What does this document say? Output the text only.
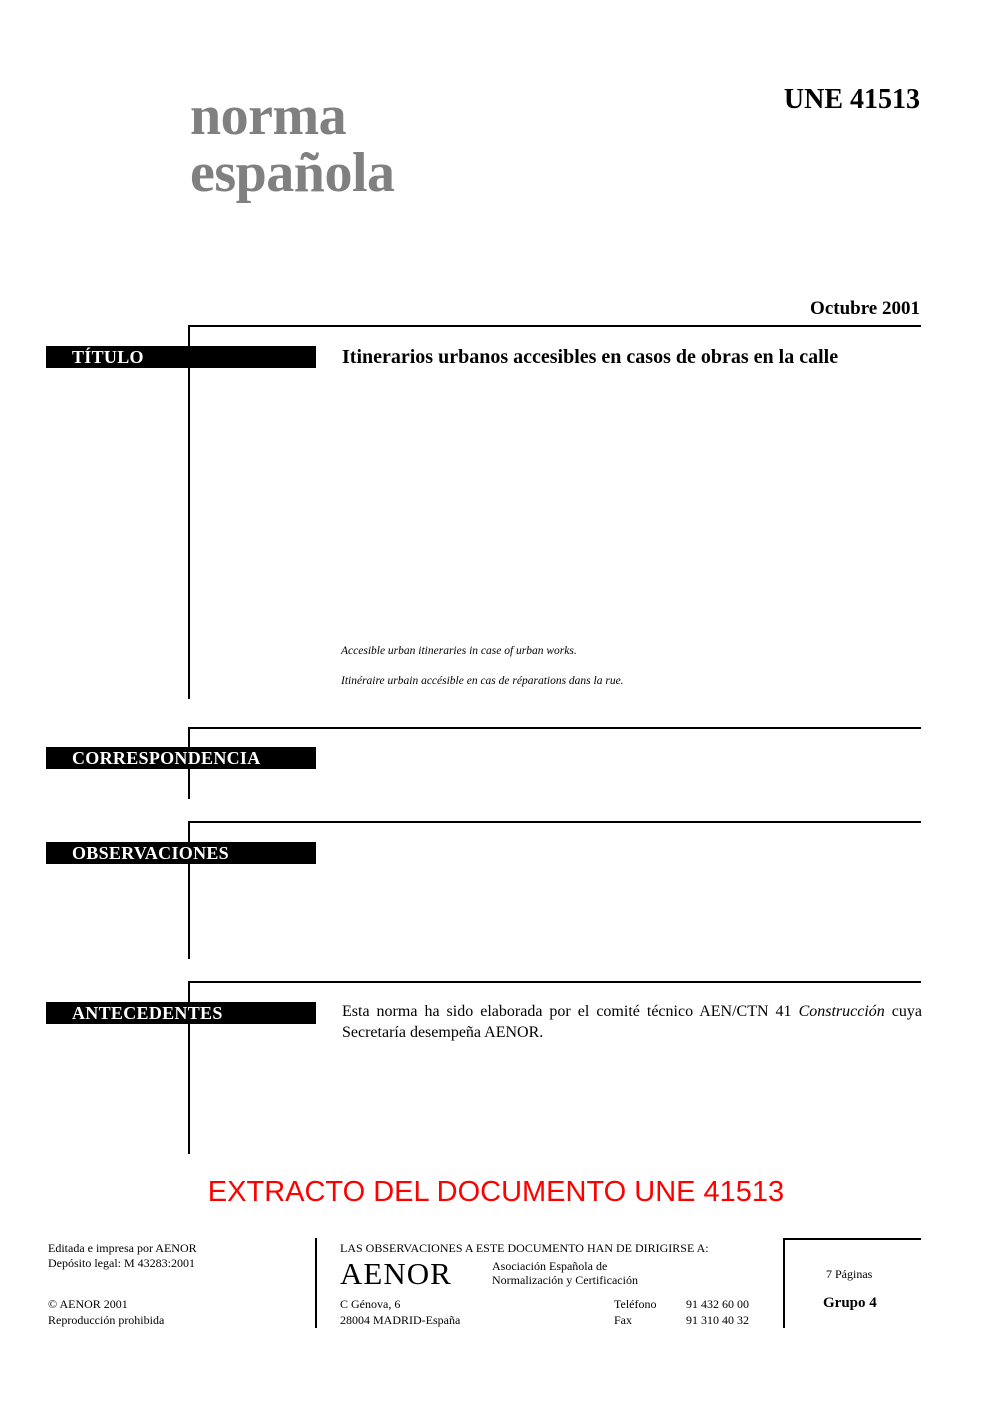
norma
española
UNE 41513
Octubre 2001
TÍTULO	Itinerarios urbanos accesibles en casos de obras en la calle
Accesible urban itineraries in case of urban works.
Itinéraire urbain accésible en cas de réparations dans la rue.
CORRESPONDENCIA
OBSERVACIONES
ANTECEDENTES	Esta norma ha sido elaborada por el comité técnico AEN/CTN 41 Construcción cuya Secretaría desempeña AENOR.
EXTRACTO DEL DOCUMENTO UNE 41513
Editada e impresa por AENOR
Depósito legal: M 43283:2001
© AENOR 2001
Reproducción prohibida
LAS OBSERVACIONES A ESTE DOCUMENTO HAN DE DIRIGIRSE A:
AENOR	Asociación Española de
Normalización y Certificación
C Génova, 6
28004 MADRID-España
Teléfono 91 432 60 00
Fax	91 310 40 32
7 Páginas
Grupo 4
